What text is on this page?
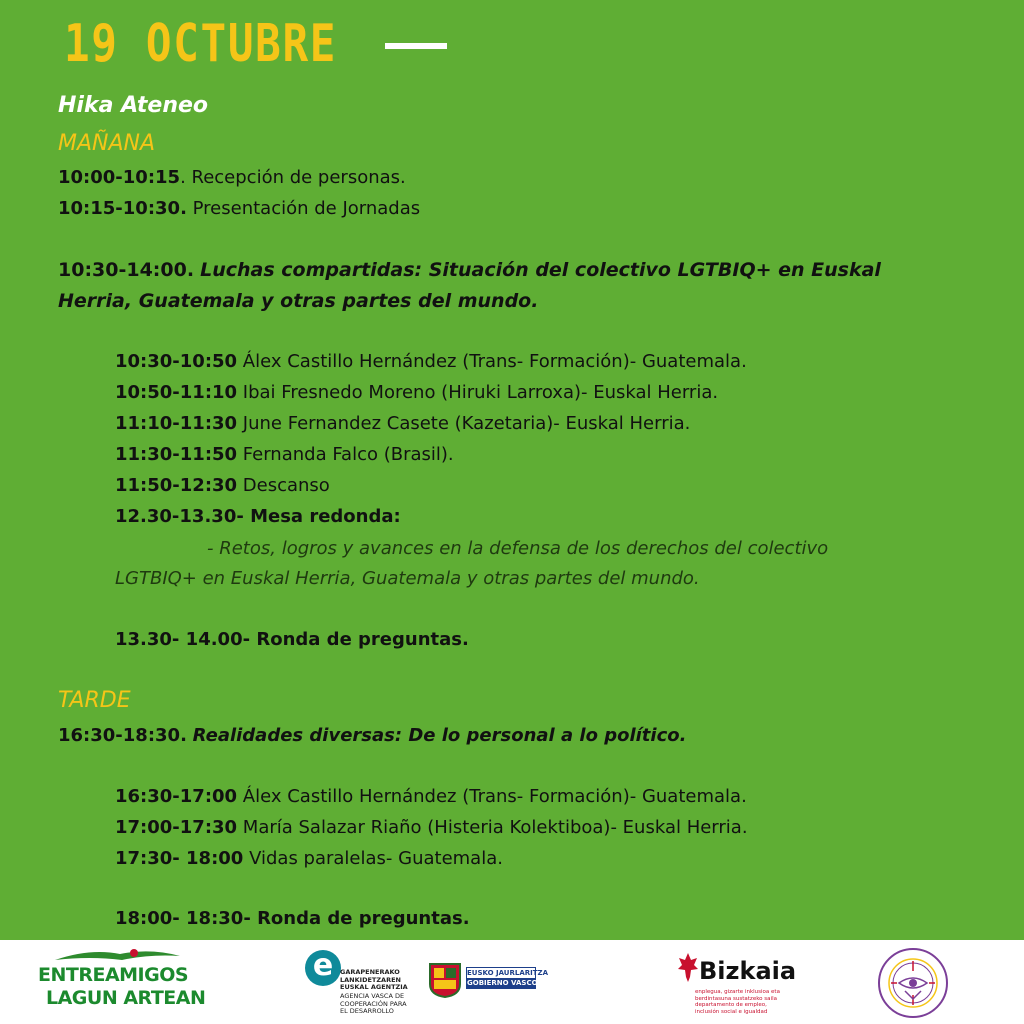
19 OCTUBRE
Hika Ateneo
MAÑANA
10:00-10:15. Recepción de personas.
10:15-10:30. Presentación de Jornadas
10:30-14:00. Luchas compartidas: Situación del colectivo LGTBIQ+ en Euskal
Herria, Guatemala y otras partes del mundo.
10:30-10:50 Álex Castillo Hernández (Trans- Formación)- Guatemala.
10:50-11:10 Ibai Fresnedo Moreno (Hiruki Larroxa)- Euskal Herria.
11:10-11:30 June Fernandez Casete (Kazetaria)- Euskal Herria.
11:30-11:50 Fernanda Falco (Brasil).
11:50-12:30 Descanso
12.30-13.30- Mesa redonda:
- Retos, logros y avances en la defensa de los derechos del colectivo
LGTBIQ+ en Euskal Herria, Guatemala y otras partes del mundo.
13.30- 14.00- Ronda de preguntas.
TARDE
16:30-18:30. Realidades diversas: De lo personal a lo político.
16:30-17:00 Álex Castillo Hernández (Trans- Formación)- Guatemala.
17:00-17:30 María Salazar Riaño (Histeria Kolektiboa)- Euskal Herria.
17:30- 18:00 Vidas paralelas- Guatemala.
18:00- 18:30- Ronda de preguntas.
ENTREAMIGOS
LAGUN ARTEAN
e	GARAPENERAKO
LANKIDETZAREN
EUSKAL AGENTZIA
AGENCIA VASCA DE
COOPERACIÓN PARA
EL DESARROLLO
EUSKO JAURLARITZA
GOBIERNO VASCO	Bizkaia
enplegua, gizarte inklusioa eta
berdintasuna sustatzeko saila
departamento de empleo,
inclusión social e igualdad
